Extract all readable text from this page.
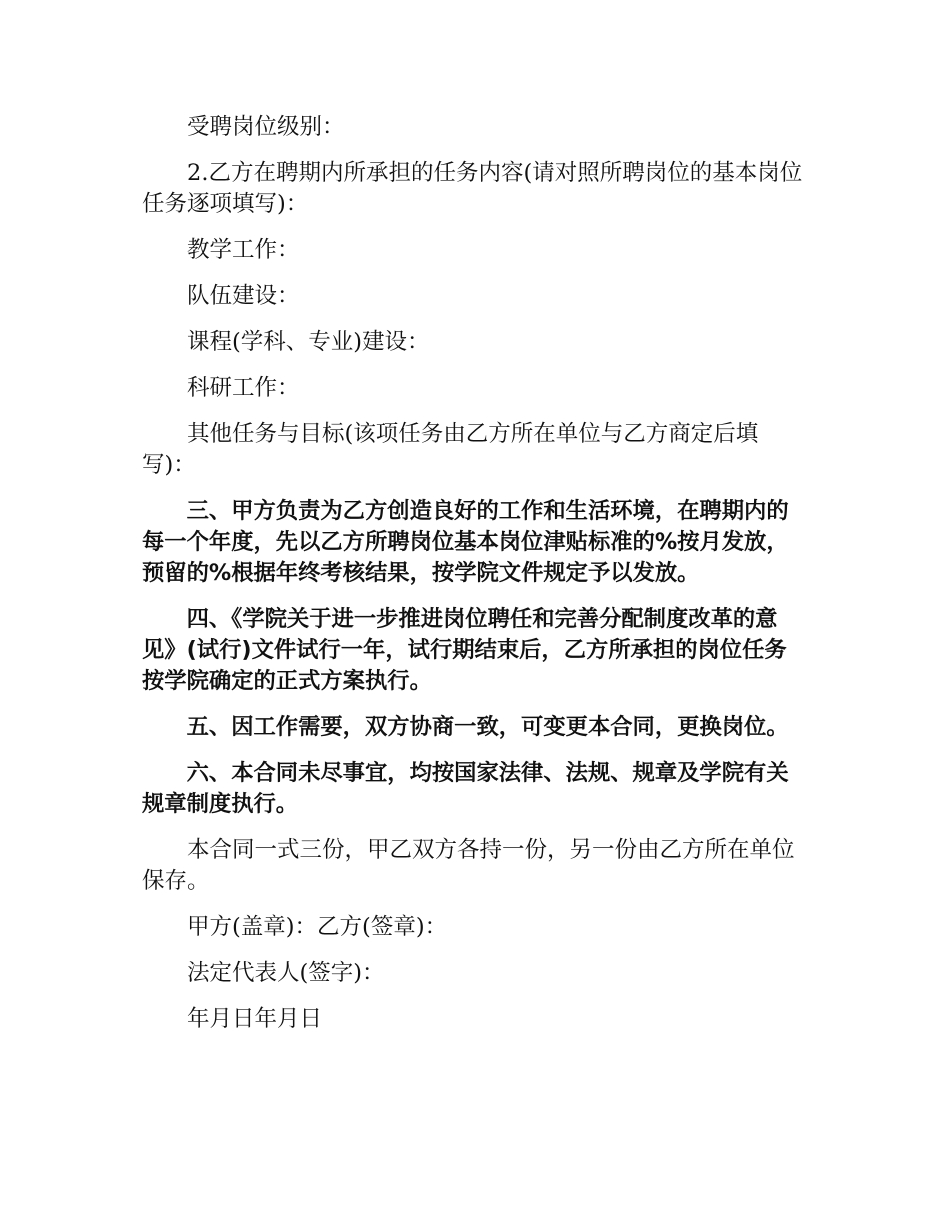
受聘岗位级别：

2.乙方在聘期内所承担的任务内容(请对照所聘岗位的基本岗位任务逐项填写)：

教学工作：

队伍建设：

课程(学科、专业)建设：

科研工作：

其他任务与目标(该项任务由乙方所在单位与乙方商定后填写)：

三、甲方负责为乙方创造良好的工作和生活环境，在聘期内的每一个年度，先以乙方所聘岗位基本岗位津贴标准的%按月发放，预留的%根据年终考核结果，按学院文件规定予以发放。

四、《学院关于进一步推进岗位聘任和完善分配制度改革的意见》(试行)文件试行一年，试行期结束后，乙方所承担的岗位任务按学院确定的正式方案执行。

五、因工作需要，双方协商一致，可变更本合同，更换岗位。

六、本合同未尽事宜，均按国家法律、法规、规章及学院有关规章制度执行。

本合同一式三份，甲乙双方各持一份，另一份由乙方所在单位保存。

甲方(盖章)：乙方(签章)：

法定代表人(签字)：

年月日年月日
